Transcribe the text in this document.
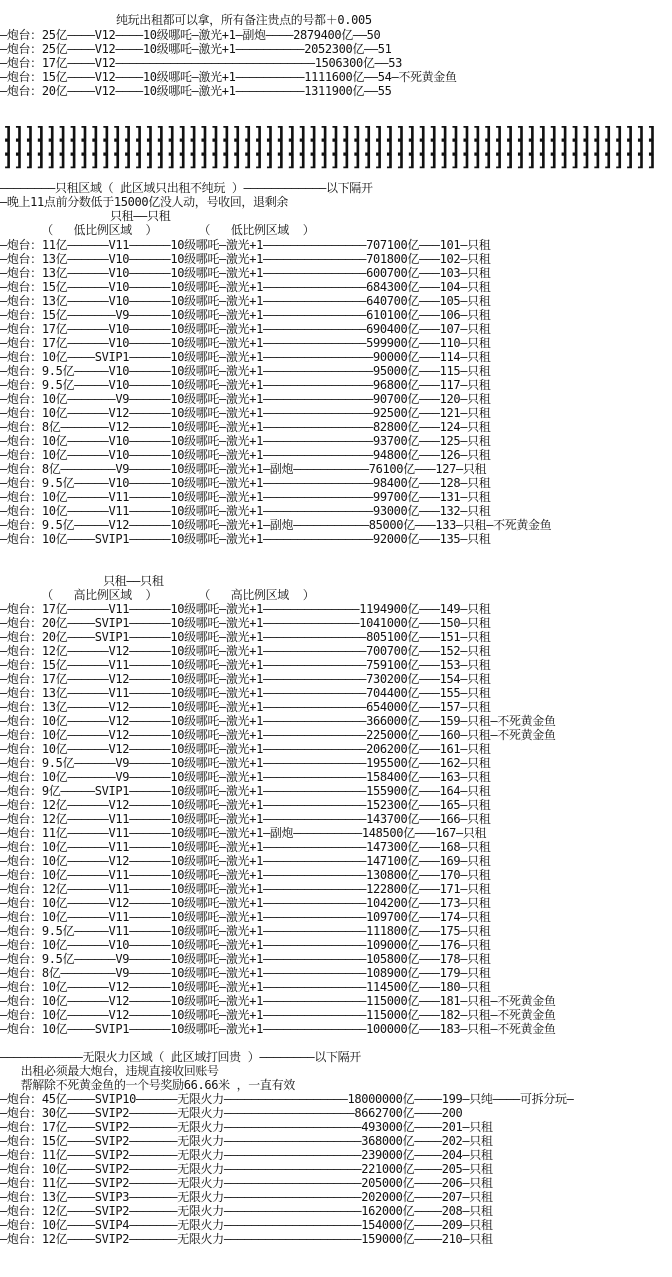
纯玩出租都可以拿，所有备注贵点的号都＋0.005
—炮台：25亿————V12————10级哪吒—激光+1—副炮————2879400亿——50
—炮台：25亿————V12————10级哪吒—激光+1——————————2052300亿——51
—炮台：17亿————V12—————————————————————————————1506300亿——53
—炮台：15亿————V12————10级哪吒—激光+1——————————1111600亿——54—不死黄金鱼
—炮台：20亿————V12————10级哪吒—激光+1——————————1311900亿——55
]]]]]]]]]]]]]]]]]]]]]]]]]]]]]]]]]]]]]]]]]]]]]]]]]]]]]]]]]]]]
]]]]]]]]]]]]]]]]]]]]]]]]]]]]]]]]]]]]]]]]]]]]]]]]]]]]]]]]]]]]
]]]]]]]]]]]]]]]]]]]]]]]]]]]]]]]]]]]]]]]]]]]]]]]]]]]]]]]]]]]]
————————只租区域（ 此区域只出租不纯玩 ）————————————以下隔开
—晚上11点前分数低于15000亿没人动，号收回，退剩余
只租——只租
（   低比例区域  ）      （   低比例区域  ）
—炮台：11亿——————V11——————10级哪吒—激光+1———————————————707100亿———101—只租
—炮台：13亿——————V10——————10级哪吒—激光+1———————————————701800亿———102—只租
—炮台：13亿——————V10——————10级哪吒—激光+1———————————————600700亿———103—只租
—炮台：15亿——————V10——————10级哪吒—激光+1———————————————684300亿———104—只租
—炮台：13亿——————V10——————10级哪吒—激光+1———————————————640700亿———105—只租
—炮台：15亿———————V9——————10级哪吒—激光+1———————————————610100亿———106—只租
—炮台：17亿——————V10——————10级哪吒—激光+1———————————————690400亿———107—只租
—炮台：17亿——————V10——————10级哪吒—激光+1———————————————599900亿———110—只租
—炮台：10亿————SVIP1——————10级哪吒—激光+1————————————————90000亿———114—只租
—炮台：9.5亿—————V10——————10级哪吒—激光+1————————————————95000亿———115—只租
—炮台：9.5亿—————V10——————10级哪吒—激光+1————————————————96800亿———117—只租
—炮台：10亿———————V9——————10级哪吒—激光+1————————————————90700亿———120—只租
—炮台：10亿——————V12——————10级哪吒—激光+1————————————————92500亿———121—只租
—炮台：8亿———————V12——————10级哪吒—激光+1————————————————82800亿———124—只租
—炮台：10亿——————V10——————10级哪吒—激光+1————————————————93700亿———125—只租
—炮台：10亿——————V10——————10级哪吒—激光+1————————————————94800亿———126—只租
—炮台：8亿————————V9——————10级哪吒—激光+1—副炮———————————76100亿———127—只租
—炮台：9.5亿—————V10——————10级哪吒—激光+1————————————————98400亿———128—只租
—炮台：10亿——————V11——————10级哪吒—激光+1————————————————99700亿———131—只租
—炮台：10亿——————V11——————10级哪吒—激光+1————————————————93000亿———132—只租
—炮台：9.5亿—————V12——————10级哪吒—激光+1—副炮———————————85000亿———133—只租—不死黄金鱼
—炮台：10亿————SVIP1——————10级哪吒—激光+1————————————————92000亿———135—只租
只租——只租
（   高比例区域  ）      （   高比例区域  ）
—炮台：17亿——————V11——————10级哪吒—激光+1——————————————1194900亿———149—只租
—炮台：20亿————SVIP1——————10级哪吒—激光+1——————————————1041000亿———150—只租
—炮台：20亿————SVIP1——————10级哪吒—激光+1———————————————805100亿———151—只租
—炮台：12亿——————V12——————10级哪吒—激光+1———————————————700700亿———152—只租
—炮台：15亿——————V11——————10级哪吒—激光+1———————————————759100亿———153—只租
—炮台：17亿——————V12——————10级哪吒—激光+1———————————————730200亿———154—只租
—炮台：13亿——————V11——————10级哪吒—激光+1———————————————704400亿———155—只租
—炮台：13亿——————V12——————10级哪吒—激光+1———————————————654000亿———157—只租
—炮台：10亿——————V12——————10级哪吒—激光+1———————————————366000亿———159—只租—不死黄金鱼
—炮台：10亿——————V12——————10级哪吒—激光+1———————————————225000亿———160—只租—不死黄金鱼
—炮台：10亿——————V12——————10级哪吒—激光+1———————————————206200亿———161—只租
—炮台：9.5亿——————V9——————10级哪吒—激光+1———————————————195500亿———162—只租
—炮台：10亿———————V9——————10级哪吒—激光+1———————————————158400亿———163—只租
—炮台：9亿—————SVIP1——————10级哪吒—激光+1———————————————155900亿———164—只租
—炮台：12亿——————V12——————10级哪吒—激光+1———————————————152300亿———165—只租
—炮台：12亿——————V11——————10级哪吒—激光+1———————————————143700亿———166—只租
—炮台：11亿——————V11——————10级哪吒—激光+1—副炮——————————148500亿———167—只租
—炮台：10亿——————V11——————10级哪吒—激光+1———————————————147300亿———168—只租
—炮台：10亿——————V12——————10级哪吒—激光+1———————————————147100亿———169—只租
—炮台：10亿——————V11——————10级哪吒—激光+1———————————————130800亿———170—只租
—炮台：12亿——————V11——————10级哪吒—激光+1———————————————122800亿———171—只租
—炮台：10亿——————V12——————10级哪吒—激光+1———————————————104200亿———173—只租
—炮台：10亿——————V11——————10级哪吒—激光+1———————————————109700亿———174—只租
—炮台：9.5亿—————V11——————10级哪吒—激光+1———————————————111800亿———175—只租
—炮台：10亿——————V10——————10级哪吒—激光+1———————————————109000亿———176—只租
—炮台：9.5亿——————V9——————10级哪吒—激光+1———————————————105800亿———178—只租
—炮台：8亿————————V9——————10级哪吒—激光+1———————————————108900亿———179—只租
—炮台：10亿——————V12——————10级哪吒—激光+1———————————————114500亿———180—只租
—炮台：10亿——————V12——————10级哪吒—激光+1———————————————115000亿———181—只租—不死黄金鱼
—炮台：10亿——————V12——————10级哪吒—激光+1———————————————115000亿———182—只租—不死黄金鱼
—炮台：10亿————SVIP1——————10级哪吒—激光+1———————————————100000亿———183—只租—不死黄金鱼
————————————无限火力区域（ 此区域打回贵 ）————————以下隔开
出租必须最大炮台，违规直接收回账号
帮解除不死黄金鱼的一个号奖励66.66米 ，一直有效
—炮台：45亿————SVIP10——————无限火力——————————————————18000000亿————199—只纯————可拆分玩—
—炮台：30亿————SVIP2———————无限火力———————————————————8662700亿————200
—炮台：17亿————SVIP2———————无限火力————————————————————493000亿————201—只租
—炮台：15亿————SVIP2———————无限火力————————————————————368000亿————202—只租
—炮台：11亿————SVIP2———————无限火力————————————————————239000亿————204—只租
—炮台：10亿————SVIP2———————无限火力————————————————————221000亿————205—只租
—炮台：11亿————SVIP2———————无限火力————————————————————205000亿————206—只租
—炮台：13亿————SVIP3———————无限火力————————————————————202000亿————207—只租
—炮台：12亿————SVIP2———————无限火力————————————————————162000亿————208—只租
—炮台：10亿————SVIP4———————无限火力————————————————————154000亿————209—只租
—炮台：12亿————SVIP2———————无限火力————————————————————159000亿————210—只租
